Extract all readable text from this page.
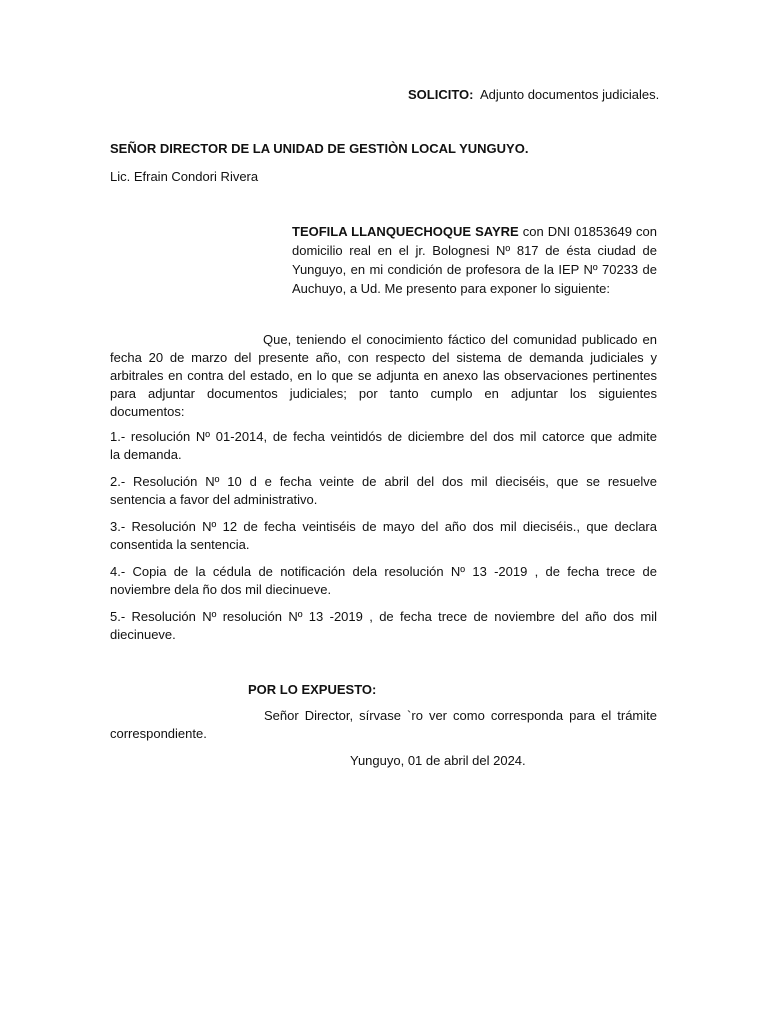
SOLICITO: Adjunto documentos judiciales.

SEÑOR DIRECTOR DE LA UNIDAD DE GESTIÒN LOCAL YUNGUYO.

Lic. Efrain Condori Rivera

TEOFILA LLANQUECHOQUE SAYRE con DNI 01853649 con
domicilio real en el jr. Bolognesi Nº 817 de ésta ciudad de
Yunguyo, en mi condición de profesora de la IEP Nº 70233 de
Auchuyo, a Ud. Me presento para exponer lo siguiente:
Que, teniendo el conocimiento fáctico del comunidad publicado en
fecha 20 de marzo del presente año, con respecto del sistema de demanda judiciales y
arbitrales en contra del estado, en lo que se adjunta en anexo las observaciones pertinentes
para adjuntar documentos judiciales; por tanto cumplo en adjuntar los siguientes
documentos:
1.- resolución Nº 01-2014, de fecha veintidós de diciembre del dos mil catorce que admite
la demanda.
2.- Resolución Nº 10 d e fecha veinte de abril del dos mil dieciséis, que se resuelve
sentencia a favor del administrativo.
3.- Resolución Nº 12 de fecha veintiséis de mayo del año dos mil dieciséis., que declara
consentida la sentencia.
4.- Copia de la cédula de notificación dela resolución Nº 13 -2019 , de fecha trece de
noviembre dela ño dos mil diecinueve.
5.- Resolución Nº resolución Nº 13 -2019 , de fecha trece de noviembre del año dos mil
diecinueve.

POR LO EXPUESTO:

Señor Director, sírvase `ro ver como corresponda para el trámite
correspondiente.

Yunguyo, 01 de abril del 2024.
